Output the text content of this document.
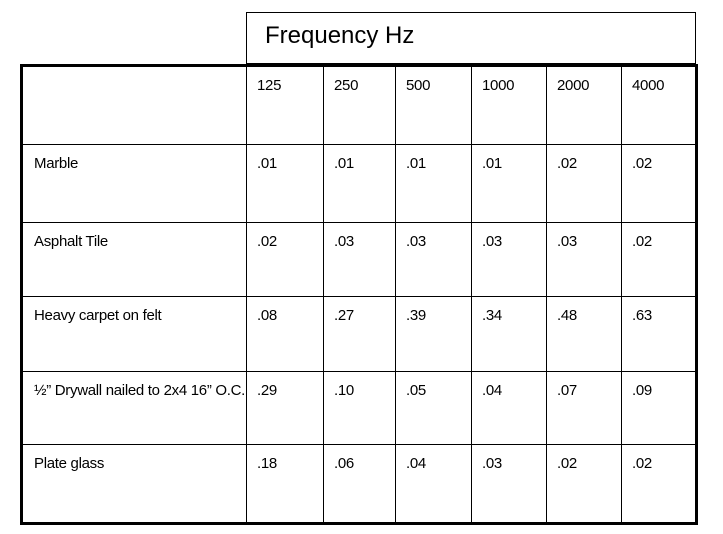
Frequency Hz
	125	250	500	1000	2000	4000
Marble	.01	.01	.01	.01	.02	.02
Asphalt Tile	.02	.03	.03	.03	.03	.02
Heavy carpet on felt	.08	.27	.39	.34	.48	.63
½” Drywall nailed to 2x4 16” O.C.	.29	.10	.05	.04	.07	.09
Plate glass	.18	.06	.04	.03	.02	.02
